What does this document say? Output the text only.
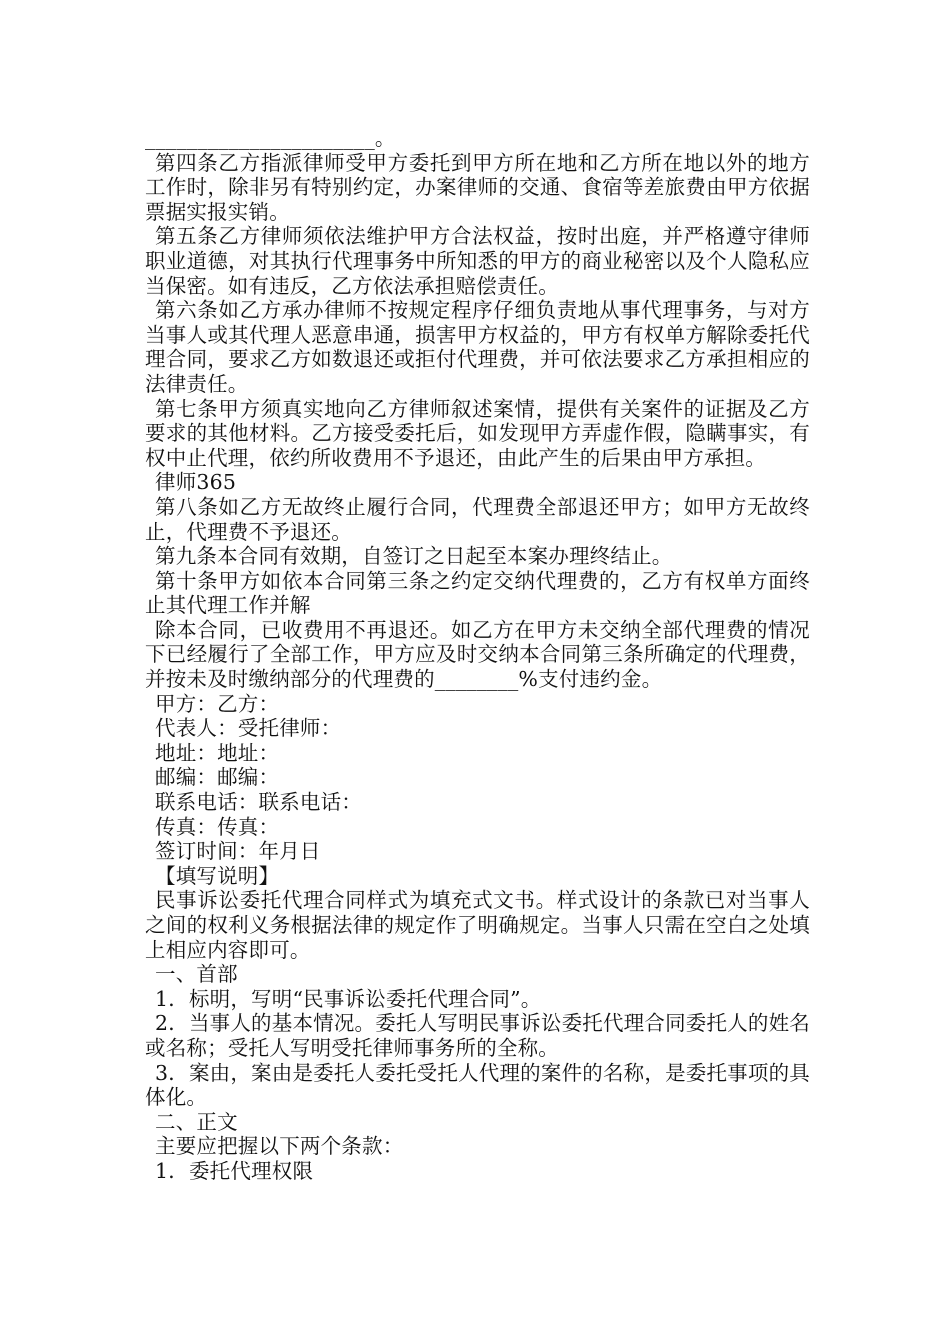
______________________。

第四条乙方指派律师受甲方委托到甲方所在地和乙方所在地以外的地方工作时，除非另有特别约定，办案律师的交通、食宿等差旅费由甲方依据票据实报实销。

第五条乙方律师须依法维护甲方合法权益，按时出庭，并严格遵守律师职业道德，对其执行代理事务中所知悉的甲方的商业秘密以及个人隐私应当保密。如有违反，乙方依法承担赔偿责任。

第六条如乙方承办律师不按规定程序仔细负责地从事代理事务，与对方当事人或其代理人恶意串通，损害甲方权益的，甲方有权单方解除委托代理合同，要求乙方如数退还或拒付代理费，并可依法要求乙方承担相应的法律责任。

第七条甲方须真实地向乙方律师叙述案情，提供有关案件的证据及乙方要求的其他材料。乙方接受委托后，如发现甲方弄虚作假，隐瞒事实，有权中止代理，依约所收费用不予退还，由此产生的后果由甲方承担。

律师365

第八条如乙方无故终止履行合同，代理费全部退还甲方；如甲方无故终止，代理费不予退还。

第九条本合同有效期，自签订之日起至本案办理终结止。

第十条甲方如依本合同第三条之约定交纳代理费的，乙方有权单方面终止其代理工作并解

除本合同，已收费用不再退还。如乙方在甲方未交纳全部代理费的情况下已经履行了全部工作，甲方应及时交纳本合同第三条所确定的代理费，并按未及时缴纳部分的代理费的________%支付违约金。

甲方：乙方：

代表人：受托律师：

地址：地址：

邮编：邮编：

联系电话：联系电话：

传真：传真：

签订时间：年月日

【填写说明】

民事诉讼委托代理合同样式为填充式文书。样式设计的条款已对当事人之间的权利义务根据法律的规定作了明确规定。当事人只需在空白之处填上相应内容即可。

一、首部

1．标明，写明“民事诉讼委托代理合同”。

2．当事人的基本情况。委托人写明民事诉讼委托代理合同委托人的姓名或名称；受托人写明受托律师事务所的全称。

3．案由，案由是委托人委托受托人代理的案件的名称，是委托事项的具体化。

二、正文

主要应把握以下两个条款：

1．委托代理权限
